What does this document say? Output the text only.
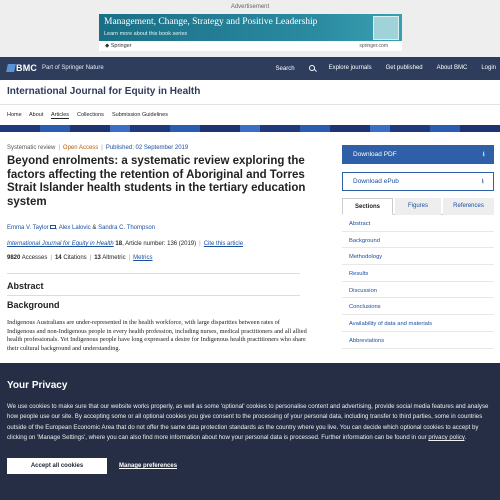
Advertisement
Management, Change, Strategy and Positive Leadership
Learn more about this book series
◆ Springer	springer.com
BMC Part of Springer Nature	Search	Explore journals Get published About BMC Login
International Journal for Equity in Health
Home About Articles Collections Submission Guidelines
Systematic review | Open Access | Published: 02 September 2019
Beyond enrolments: a systematic review exploring the factors affecting the retention of Aboriginal and Torres Strait Islander health students in the tertiary education system
Emma V. Taylor , Alex Lalovic & Sandra C. Thompson
International Journal for Equity in Health 18, Article number: 136 (2019) | Cite this article
9820 Accesses | 14 Citations | 13 Altmetric | Metrics
Abstract
Background

Indigenous Australians are under-represented in the health workforce, with large disparities between rates of Indigenous and non-Indigenous people in every health profession, including nurses, medical practitioners and all allied health professionals. Yet Indigenous people have long expressed a desire for Indigenous health practitioners who share their cultural background and understanding.

Download PDF	⭳
Download ePub	⭳
Sections	Figures	References
Abstract
Background
Methodology
Results
Discussion
Conclusions
Availability of data and materials
Abbreviations
Your Privacy

We use cookies to make sure that our website works properly, as well as some 'optional' cookies to personalise content and advertising, provide social media features and analyse how people use our site. By accepting some or all optional cookies you give consent to the processing of your personal data, including transfer to third parties, some in countries outside of the European Economic Area that do not offer the same data protection standards as the country where you live. You can decide which optional cookies to accept by clicking on 'Manage Settings', where you can also find more information about how your personal data is processed. Further information can be found in our privacy policy.

Accept all cookies	Manage preferences
